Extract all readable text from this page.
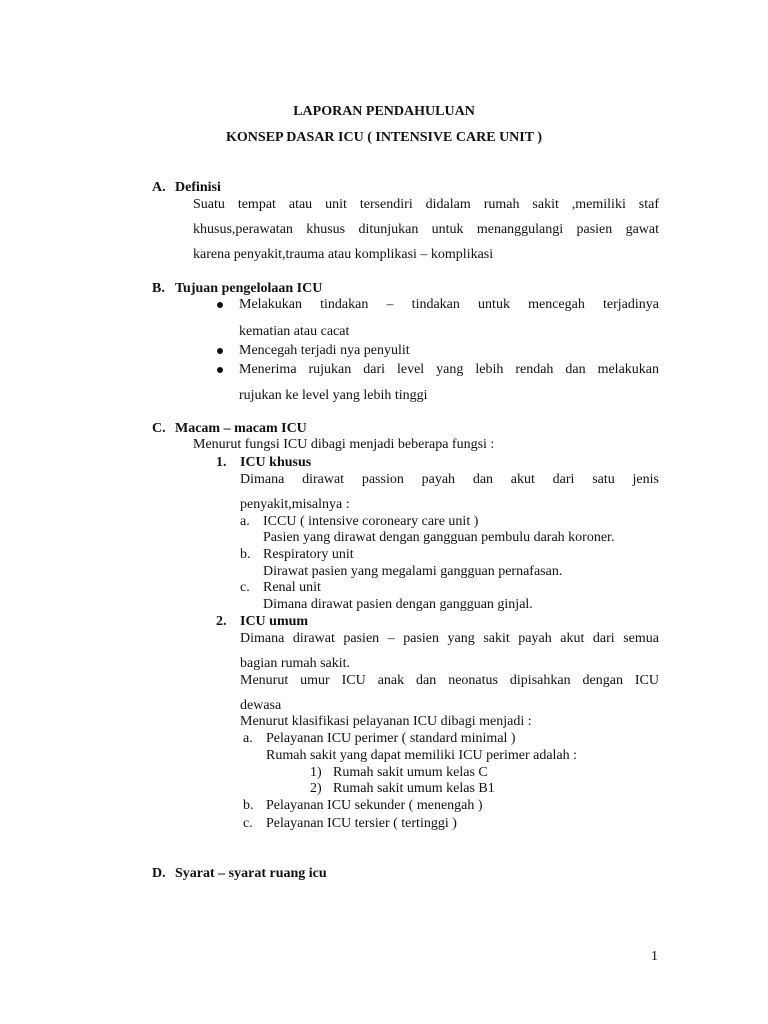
LAPORAN PENDAHULUAN
KONSEP DASAR ICU ( INTENSIVE CARE UNIT )
A. Definisi
Suatu tempat atau unit tersendiri didalam rumah sakit ,memiliki staf
khusus,perawatan khusus ditunjukan untuk menanggulangi pasien gawat
karena penyakit,trauma atau komplikasi – komplikasi
B. Tujuan pengelolaan ICU
Melakukan tindakan – tindakan untuk mencegah terjadinya
kematian atau cacat
Mencegah terjadi nya penyulit
Menerima rujukan dari level yang lebih rendah dan melakukan
rujukan ke level yang lebih tinggi
C. Macam – macam ICU
Menurut fungsi ICU dibagi menjadi beberapa fungsi :
1. ICU khusus
Dimana dirawat passion payah dan akut dari satu jenis
penyakit,misalnya :
a. ICCU ( intensive coroneary care unit )
Pasien yang dirawat dengan gangguan pembulu darah koroner.
b. Respiratory unit
Dirawat pasien yang megalami gangguan pernafasan.
c. Renal unit
Dimana dirawat pasien dengan gangguan ginjal.
2. ICU umum
Dimana dirawat pasien – pasien yang sakit payah akut dari semua
bagian rumah sakit.
Menurut umur ICU anak dan neonatus dipisahkan dengan ICU
dewasa
Menurut klasifikasi pelayanan ICU dibagi menjadi :
a. Pelayanan ICU perimer ( standard minimal )
Rumah sakit yang dapat memiliki ICU perimer adalah :
1) Rumah sakit umum kelas C
2) Rumah sakit umum kelas B1
b. Pelayanan ICU sekunder ( menengah )
c. Pelayanan ICU tersier ( tertinggi )
D. Syarat – syarat ruang icu
1
